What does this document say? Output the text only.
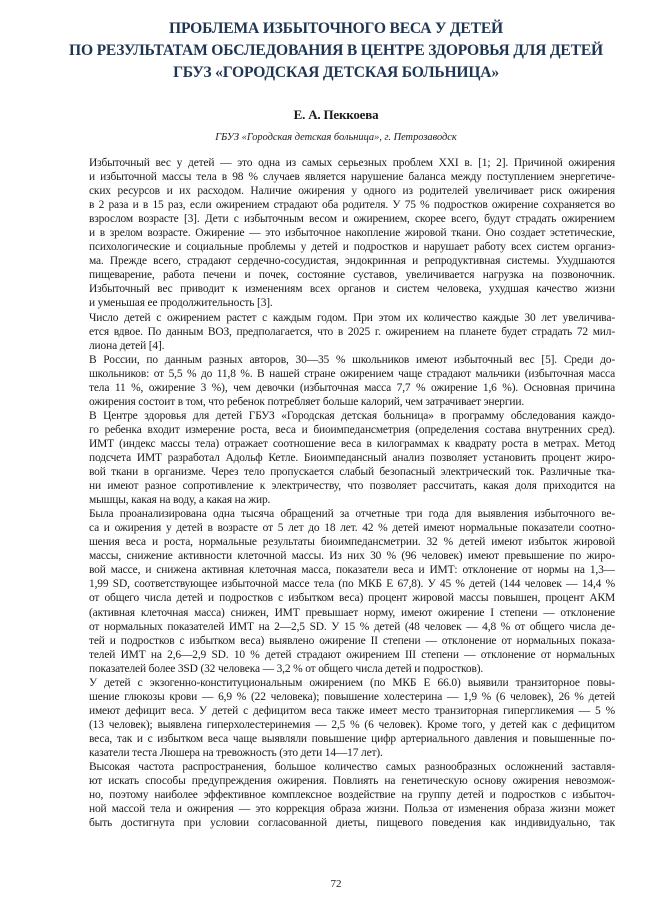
ПРОБЛЕМА ИЗБЫТОЧНОГО ВЕСА У ДЕТЕЙ
ПО РЕЗУЛЬТАТАМ ОБСЛЕДОВАНИЯ В ЦЕНТРЕ ЗДОРОВЬЯ ДЛЯ ДЕТЕЙ
ГБУЗ «ГОРОДСКАЯ ДЕТСКАЯ БОЛЬНИЦА»
Е. А. Пеккоева
ГБУЗ «Городская детская больница», г. Петрозаводск

Избыточный вес у детей — это одна из самых серьезных проблем XXI в. [1; 2]. Причиной ожирения
и избыточной массы тела в 98 % случаев является нарушение баланса между поступлением энергетиче-
ских ресурсов и их расходом. Наличие ожирения у одного из родителей увеличивает риск ожирения
в 2 раза и в 15 раз, если ожирением страдают оба родителя. У 75 % подростков ожирение сохраняется во
взрослом возрасте [3]. Дети с избыточным весом и ожирением, скорее всего, будут страдать ожирением
и в зрелом возрасте. Ожирение — это избыточное накопление жировой ткани. Оно создает эстетические,
психологические и социальные проблемы у детей и подростков и нарушает работу всех систем организ-
ма. Прежде всего, страдают сердечно-сосудистая, эндокринная и репродуктивная системы. Ухудшаются
пищеварение, работа печени и почек, состояние суставов, увеличивается нагрузка на позвоночник.
Избыточный вес приводит к изменениям всех органов и систем человека, ухудшая качество жизни
и уменьшая ее продолжительность [3].

Число детей с ожирением растет с каждым годом. При этом их количество каждые 30 лет увеличива-
ется вдвое. По данным ВОЗ, предполагается, что в 2025 г. ожирением на планете будет страдать 72 мил-
лиона детей [4].

В России, по данным разных авторов, 30—35 % школьников имеют избыточный вес [5]. Среди до-
школьников: от 5,5 % до 11,8 %. В нашей стране ожирением чаще страдают мальчики (избыточная масса
тела 11 %, ожирение 3 %), чем девочки (избыточная масса 7,7 % ожирение 1,6 %). Основная причина
ожирения состоит в том, что ребенок потребляет больше калорий, чем затрачивает энергии.

В Центре здоровья для детей ГБУЗ «Городская детская больница» в программу обследования каждо-
го ребенка входит измерение роста, веса и биоимпедансметрия (определения состава внутренних сред).
ИМТ (индекс массы тела) отражает соотношение веса в килограммах к квадрату роста в метрах. Метод
подсчета ИМТ разработал Адольф Кетле. Биоимпедансный анализ позволяет установить процент жиро-
вой ткани в организме. Через тело пропускается слабый безопасный электрический ток. Различные тка-
ни имеют разное сопротивление к электричеству, что позволяет рассчитать, какая доля приходится на
мышцы, какая на воду, а какая на жир.

Была проанализирована одна тысяча обращений за отчетные три года для выявления избыточного ве-
са и ожирения у детей в возрасте от 5 лет до 18 лет. 42 % детей имеют нормальные показатели соотно-
шения веса и роста, нормальные результаты биоимпедансметрии. 32 % детей имеют избыток жировой
массы, снижение активности клеточной массы. Из них 30 % (96 человек) имеют превышение по жиро-
вой массе, и снижена активная клеточная масса, показатели веса и ИМТ: отклонение от нормы на 1,3—
1,99 SD, соответствующее избыточной массе тела (по МКБ Е 67,8). У 45 % детей (144 человек — 14,4 %
от общего числа детей и подростков с избытком веса) процент жировой массы повышен, процент АКМ
(активная клеточная масса) снижен, ИМТ превышает норму, имеют ожирение I степени — отклонение
от нормальных показателей ИМТ на 2—2,5 SD. У 15 % детей (48 человек — 4,8 % от общего числа де-
тей и подростков с избытком веса) выявлено ожирение II степени — отклонение от нормальных показа-
телей ИМТ на 2,6—2,9 SD. 10 % детей страдают ожирением III степени — отклонение от нормальных
показателей более 3SD (32 человека — 3,2 % от общего числа детей и подростков).

У детей с экзогенно-конституциональным ожирением (по МКБ Е 66.0) выявили транзиторное повы-
шение глюкозы крови — 6,9 % (22 человека); повышение холестерина — 1,9 % (6 человек), 26 % детей
имеют дефицит веса. У детей с дефицитом веса также имеет место транзиторная гипергликемия — 5 %
(13 человек); выявлена гиперхолестеринемия — 2,5 % (6 человек). Кроме того, у детей как с дефицитом
веса, так и с избытком веса чаще выявляли повышение цифр артериального давления и повышенные по-
казатели теста Люшера на тревожность (это дети 14—17 лет).

Высокая частота распространения, большое количество самых разнообразных осложнений заставля-
ют искать способы предупреждения ожирения. Повлиять на генетическую основу ожирения невозмож-
но, поэтому наиболее эффективное комплексное воздействие на группу детей и подростков с избыточ-
ной массой тела и ожирения — это коррекция образа жизни. Польза от изменения образа жизни может
быть достигнута при условии согласованной диеты, пищевого поведения как индивидуально, так

72
